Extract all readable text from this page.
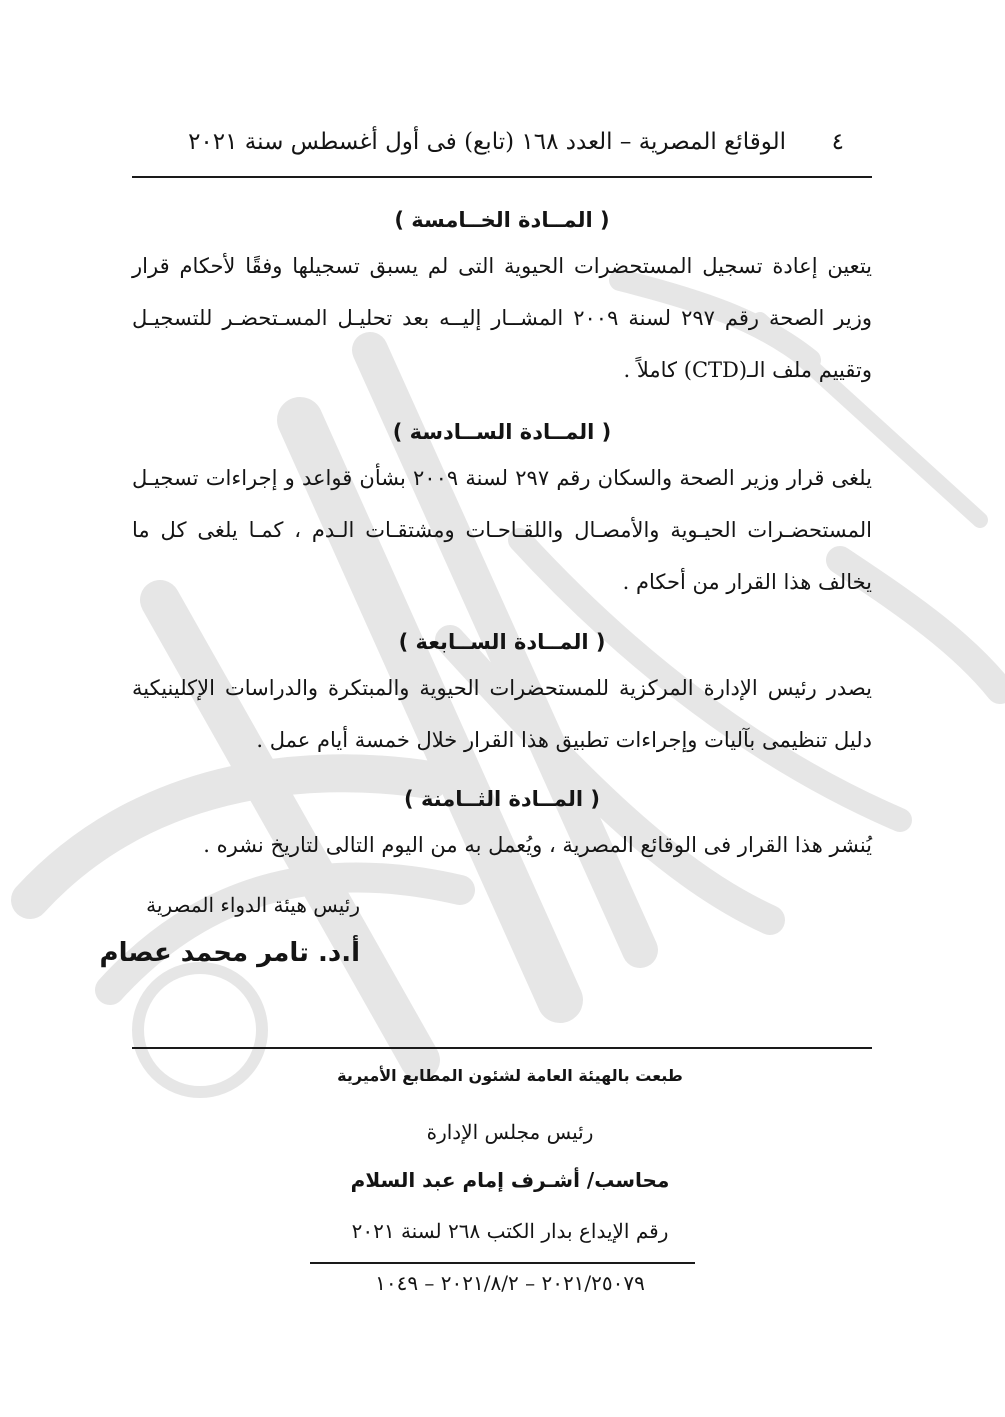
٤
الوقائع المصرية – العدد ١٦٨ (تابع) فى أول أغسطس سنة ٢٠٢١
( المــادة الخــامسة )
يتعين إعادة تسجيل المستحضرات الحيوية التى لم يسبق تسجيلها وفقًا لأحكام قرار وزير الصحة رقم ٢٩٧ لسنة ٢٠٠٩ المشــار إليــه بعد تحليـل المسـتحضـر للتسجيـل وتقييم ملف الـ(CTD) كاملاً .
( المــادة الســادسة )
يلغى قرار وزير الصحة والسكان رقم ٢٩٧ لسنة ٢٠٠٩ بشأن قواعد و إجراءات تسجيـل المستحضـرات الحيـوية والأمصـال واللقـاحـات ومشتقـات الـدم ، كمـا يلغى كل ما يخالف هذا القرار من أحكام .
( المــادة الســابعة )
يصدر رئيس الإدارة المركزية للمستحضرات الحيوية والمبتكرة والدراسات الإكلينيكية دليل تنظيمى بآليات وإجراءات تطبيق هذا القرار خلال خمسة أيام عمل .
( المــادة الثــامنة )
يُنشر هذا القرار فى الوقائع المصرية ، ويُعمل به من اليوم التالى لتاريخ نشره .
رئيس هيئة الدواء المصرية
أ.د. تامر محمد عصام
طبعت بالهيئة العامة لشئون المطابع الأميرية
رئيس مجلس الإدارة
محاسب/ أشـرف إمام عبد السلام
رقم الإيداع بدار الكتب ٢٦٨ لسنة ٢٠٢١
٢٠٢١/٢٥٠٧٩ – ٢٠٢١/٨/٢ – ١٠٤٩
